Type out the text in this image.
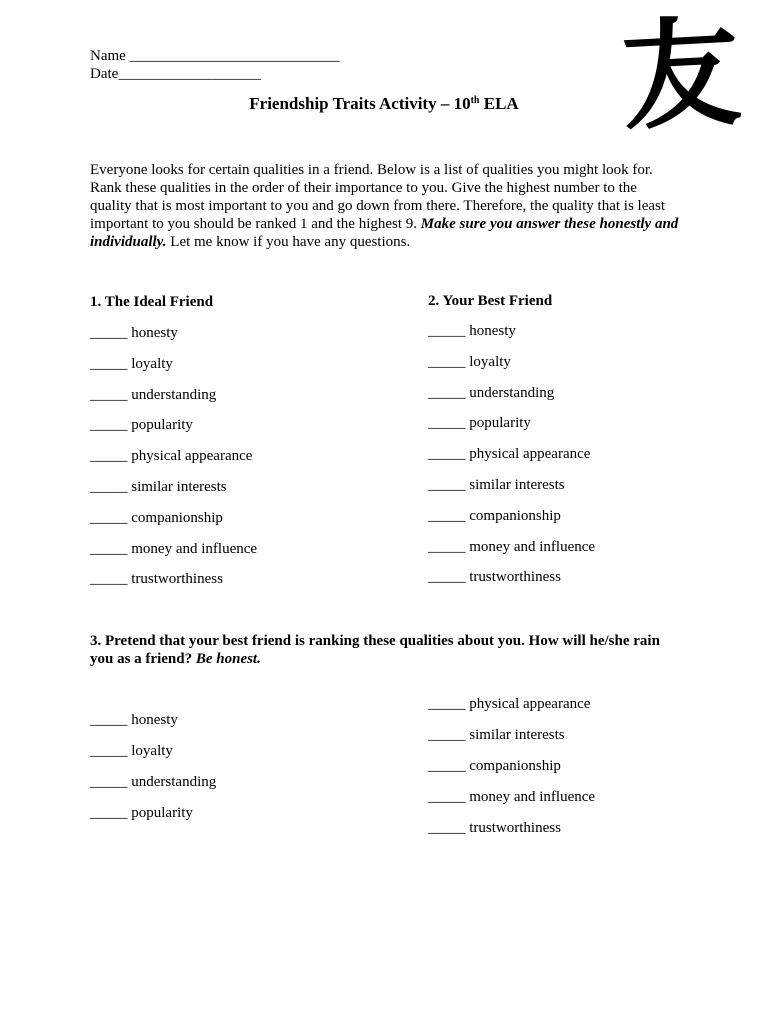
Name ____________________________
Date___________________
Friendship Traits Activity – 10th ELA 友
Everyone looks for certain qualities in a friend. Below is a list of qualities you might look for. Rank these qualities in the order of their importance to you. Give the highest number to the quality that is most important to you and go down from there. Therefore, the quality that is least important to you should be ranked 1 and the highest 9. Make sure you answer these honestly and individually. Let me know if you have any questions.
1. The Ideal Friend
_____ honesty
_____ loyalty
_____ understanding
_____ popularity
_____ physical appearance
_____ similar interests
_____ companionship
_____ money and influence
_____ trustworthiness
2. Your Best Friend
_____ honesty
_____ loyalty
_____ understanding
_____ popularity
_____ physical appearance
_____ similar interests
_____ companionship
_____ money and influence
_____ trustworthiness
3. Pretend that your best friend is ranking these qualities about you. How will he/she rain you as a friend? Be honest.
_____ honesty
_____ loyalty
_____ understanding
_____ popularity
_____ physical appearance
_____ similar interests
_____ companionship
_____ money and influence
_____ trustworthiness
